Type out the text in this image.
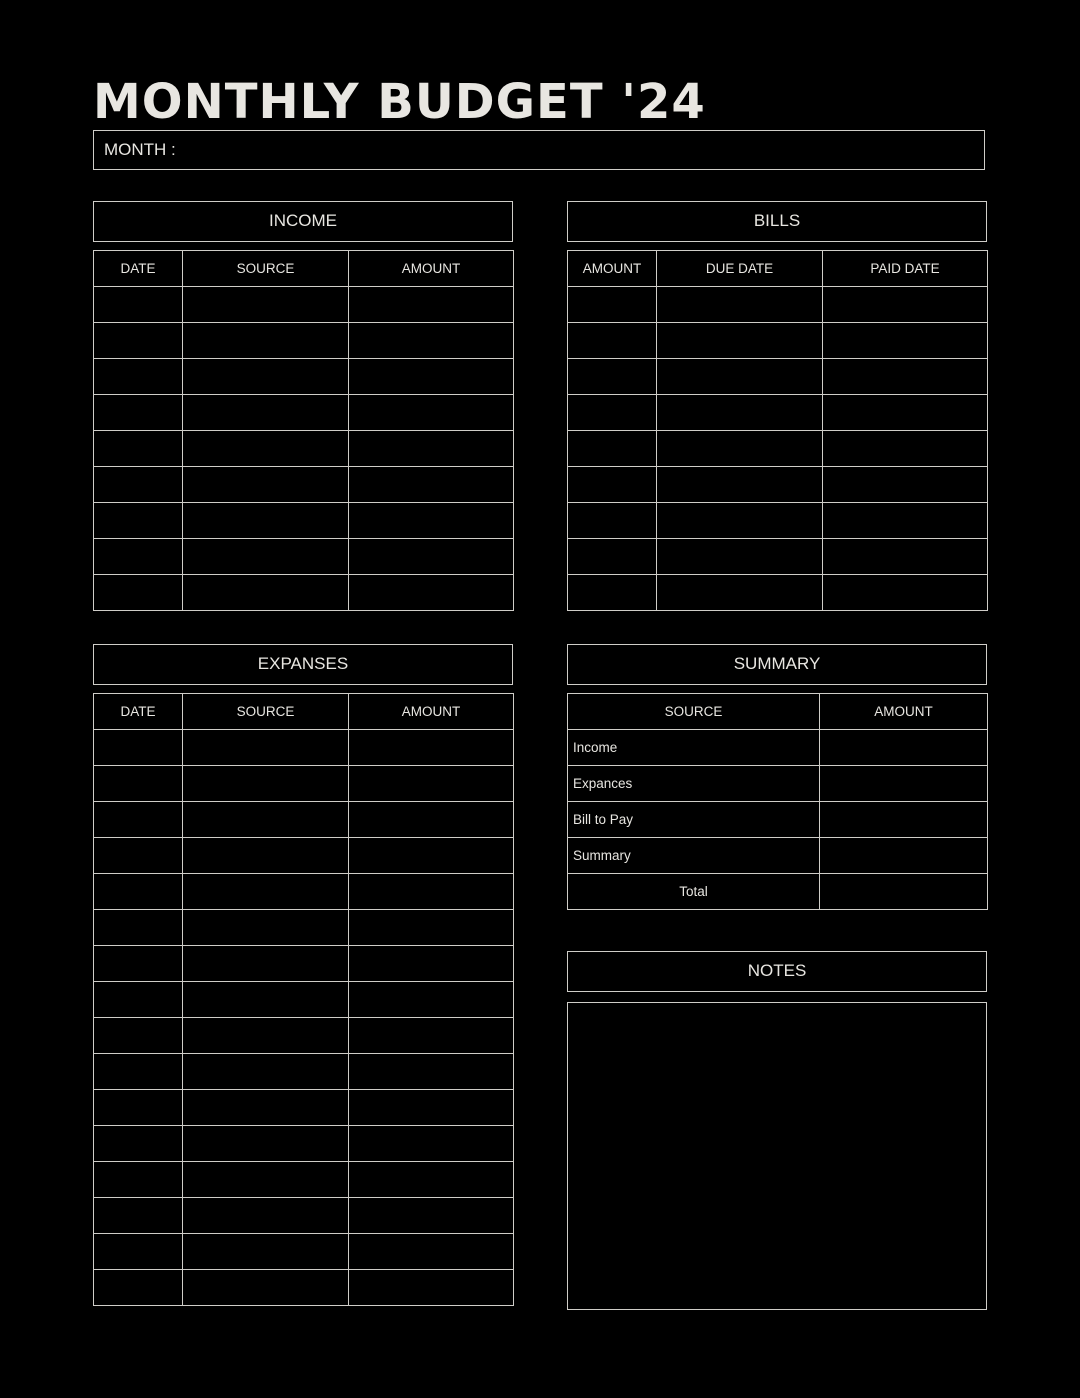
MONTHLY BUDGET '24
MONTH :
INCOME
DATE	SOURCE	AMOUNT

BILLS
AMOUNT	DUE DATE	PAID DATE

EXPANSES
DATE	SOURCE	AMOUNT

SUMMARY
SOURCE	AMOUNT
Income	
Expances	
Bill to Pay	
Summary	
Total	
NOTES
